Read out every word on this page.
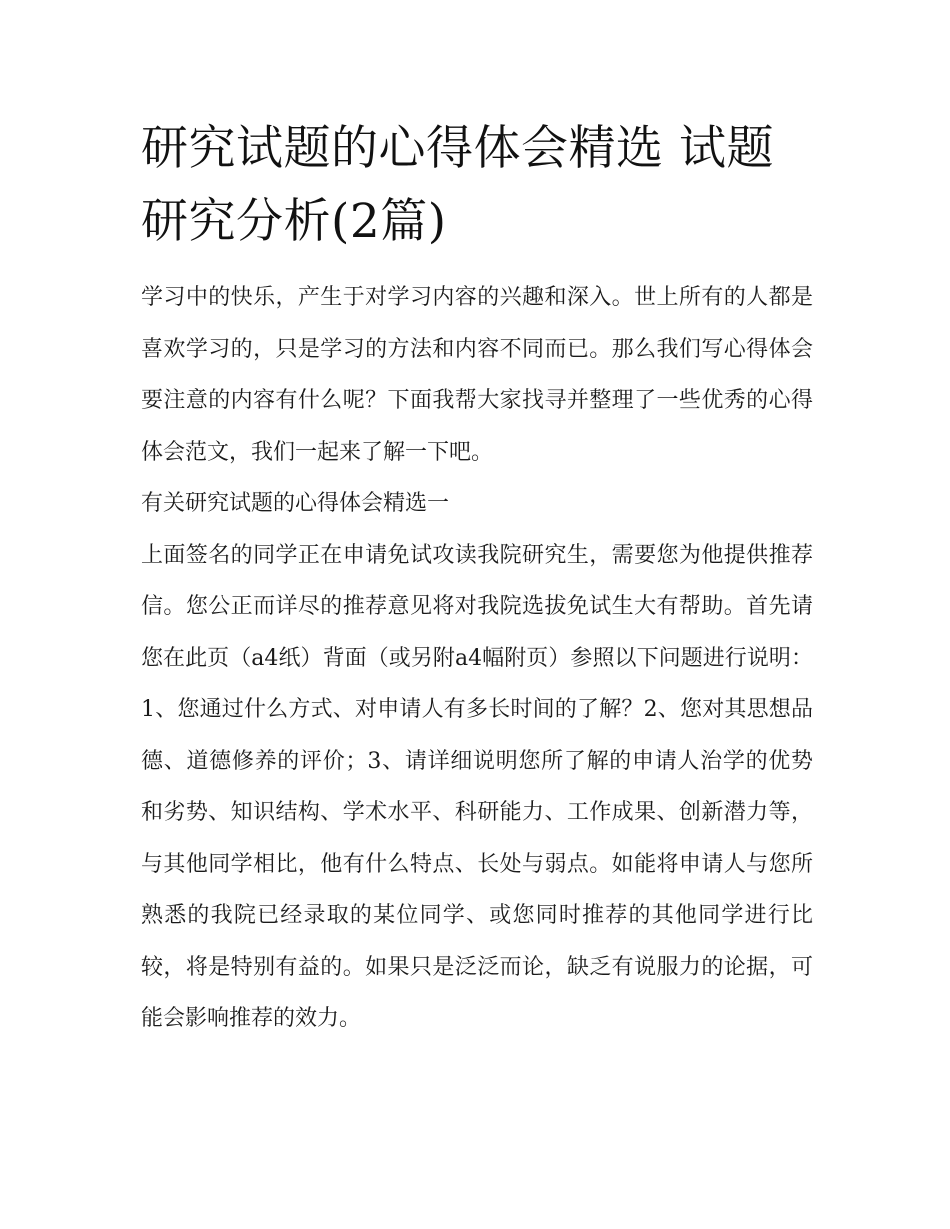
研究试题的心得体会精选 试题研究分析(2篇)

学习中的快乐，产生于对学习内容的兴趣和深入。世上所有的人都是喜欢学习的，只是学习的方法和内容不同而已。那么我们写心得体会要注意的内容有什么呢？下面我帮大家找寻并整理了一些优秀的心得体会范文，我们一起来了解一下吧。

有关研究试题的心得体会精选一

上面签名的同学正在申请免试攻读我院研究生，需要您为他提供推荐信。您公正而详尽的推荐意见将对我院选拔免试生大有帮助。首先请您在此页（a4纸）背面（或另附a4幅附页）参照以下问题进行说明：1、您通过什么方式、对申请人有多长时间的了解？2、您对其思想品德、道德修养的评价；3、请详细说明您所了解的申请人治学的优势和劣势、知识结构、学术水平、科研能力、工作成果、创新潜力等，与其他同学相比，他有什么特点、长处与弱点。如能将申请人与您所熟悉的我院已经录取的某位同学、或您同时推荐的其他同学进行比较，将是特别有益的。如果只是泛泛而论，缺乏有说服力的论据，可能会影响推荐的效力。
